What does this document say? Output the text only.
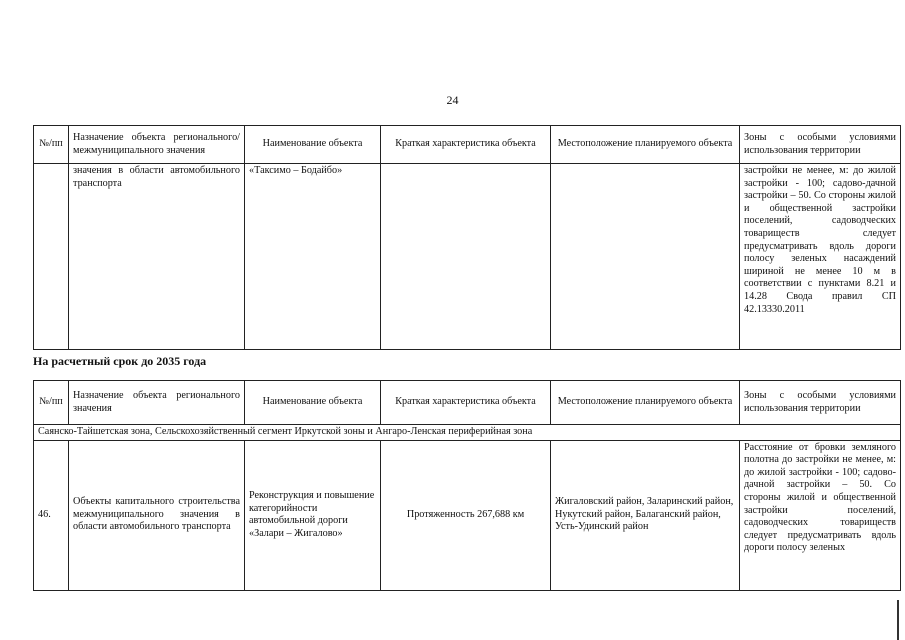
24
№/пп	Назначение объекта регионального/ межмуниципального значения	Наименование объекта	Краткая характеристика объекта	Местоположение планируемого объекта	Зоны с особыми условиями использования территории
	значения в области автомобильного транспорта	«Таксимо – Бодайбо»			застройки не менее, м: до жилой застройки - 100; садово-дачной застройки – 50. Со стороны жилой и общественной застройки поселений, садоводческих товариществ следует предусматривать вдоль дороги полосу зеленых насаждений шириной не менее 10 м в соответствии с пунктами 8.21 и 14.28 Свода правил СП 42.13330.2011
На расчетный срок до 2035 года
№/пп	Назначение объекта регионального значения	Наименование объекта	Краткая характеристика объекта	Местоположение планируемого объекта	Зоны с особыми условиями использования территории
Саянско-Тайшетская зона, Сельскохозяйственный сегмент Иркутской зоны и Ангаро-Ленская периферийная зона					
46.	Объекты капитального строительства межмуниципального значения в области автомобильного транспорта	Реконструкция и повышение категорийности автомобильной дороги «Залари – Жигалово»	Протяженность 267,688 км	Жигаловский район, Заларинский район, Нукутский район, Балаганский район, Усть-Удинский район	Расстояние от бровки земляного полотна до застройки не менее, м: до жилой застройки - 100; садово-дачной застройки – 50. Со стороны жилой и общественной застройки поселений, садоводческих товариществ следует предусматривать вдоль дороги полосу зеленых
